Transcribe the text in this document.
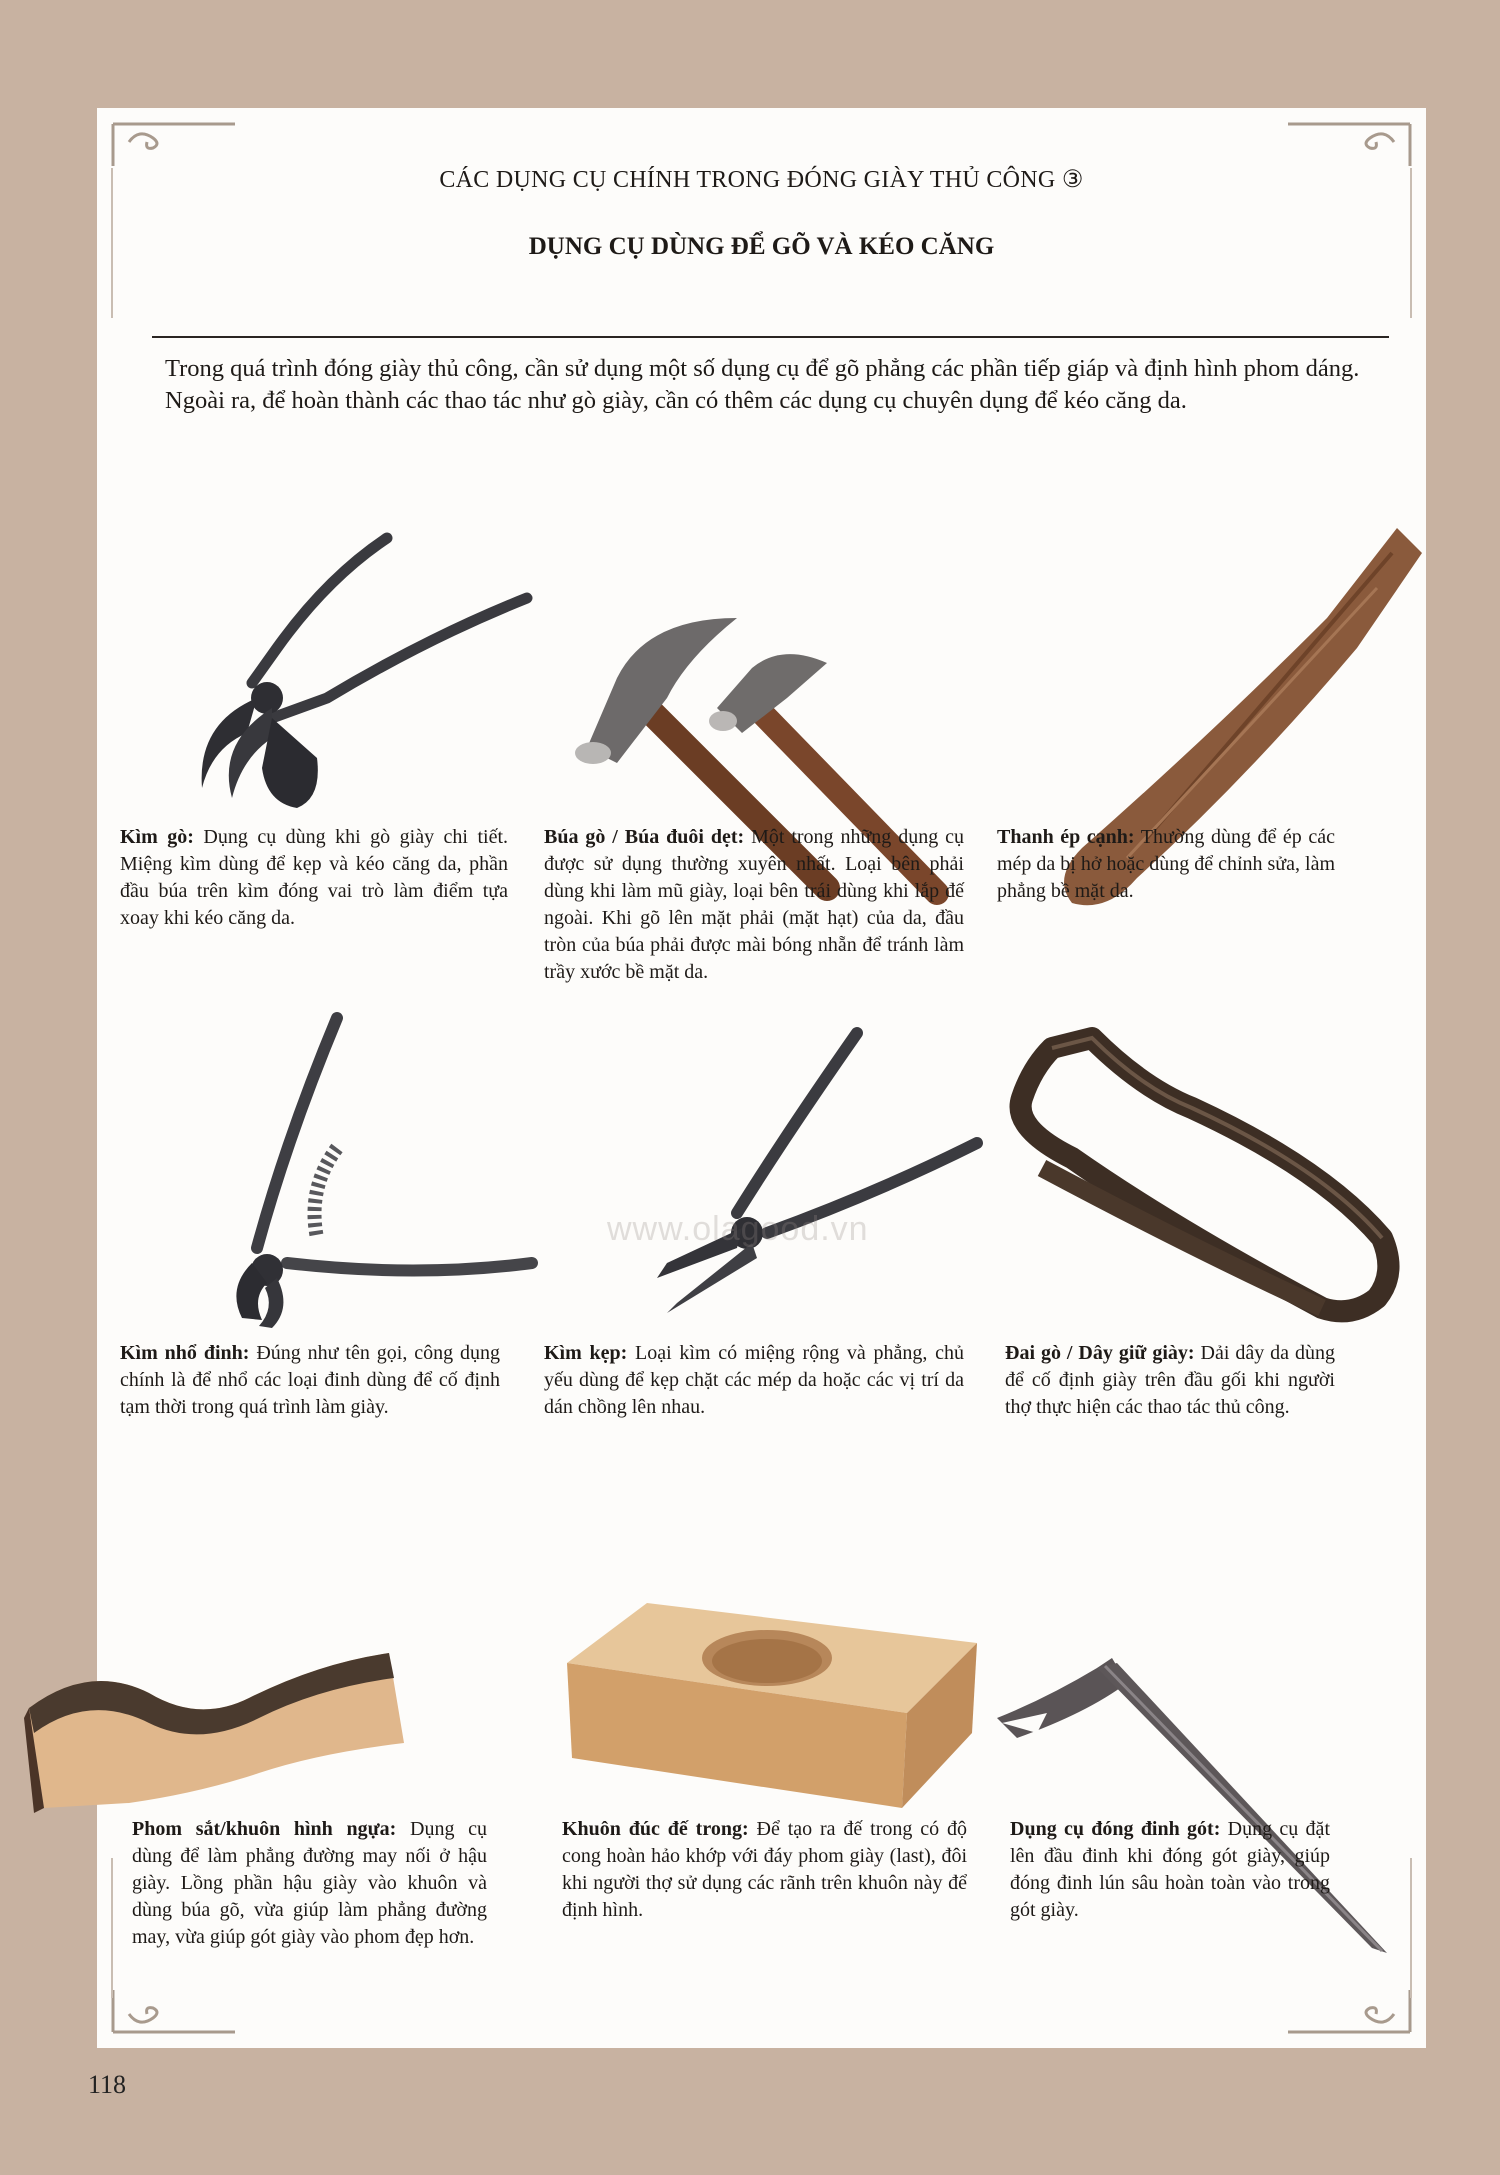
CÁC DỤNG CỤ CHÍNH TRONG ĐÓNG GIÀY THỦ CÔNG ③
DỤNG CỤ DÙNG ĐỂ GÕ VÀ KÉO CĂNG
Trong quá trình đóng giày thủ công, cần sử dụng một số dụng cụ để gõ phẳng các phần tiếp giáp và định hình phom dáng. Ngoài ra, để hoàn thành các thao tác như gò giày, cần có thêm các dụng cụ chuyên dụng để kéo căng da.
Kìm gò: Dụng cụ dùng khi gò giày chi tiết. Miệng kìm dùng để kẹp và kéo căng da, phần đầu búa trên kìm đóng vai trò làm điểm tựa xoay khi kéo căng da.
Búa gò / Búa đuôi dẹt: Một trong những dụng cụ được sử dụng thường xuyên nhất. Loại bên phải dùng khi làm mũ giày, loại bên trái dùng khi lắp đế ngoài. Khi gõ lên mặt phải (mặt hạt) của da, đầu tròn của búa phải được mài bóng nhẵn để tránh làm trầy xước bề mặt da.
Thanh ép cạnh: Thường dùng để ép các mép da bị hở hoặc dùng để chỉnh sửa, làm phẳng bề mặt da.
Kìm nhổ đinh: Đúng như tên gọi, công dụng chính là để nhổ các loại đinh dùng để cố định tạm thời trong quá trình làm giày.
Kìm kẹp: Loại kìm có miệng rộng và phẳng, chủ yếu dùng để kẹp chặt các mép da hoặc các vị trí da dán chồng lên nhau.
Đai gò / Dây giữ giày: Dải dây da dùng để cố định giày trên đầu gối khi người thợ thực hiện các thao tác thủ công.
www.olagood.vn
Phom sắt/khuôn hình ngựa: Dụng cụ dùng để làm phẳng đường may nối ở hậu giày. Lồng phần hậu giày vào khuôn và dùng búa gõ, vừa giúp làm phẳng đường may, vừa giúp gót giày vào phom đẹp hơn.
Khuôn đúc đế trong: Để tạo ra đế trong có độ cong hoàn hảo khớp với đáy phom giày (last), đôi khi người thợ sử dụng các rãnh trên khuôn này để định hình.
Dụng cụ đóng đinh gót: Dụng cụ đặt lên đầu đinh khi đóng gót giày, giúp đóng đinh lún sâu hoàn toàn vào trong gót giày.
118
